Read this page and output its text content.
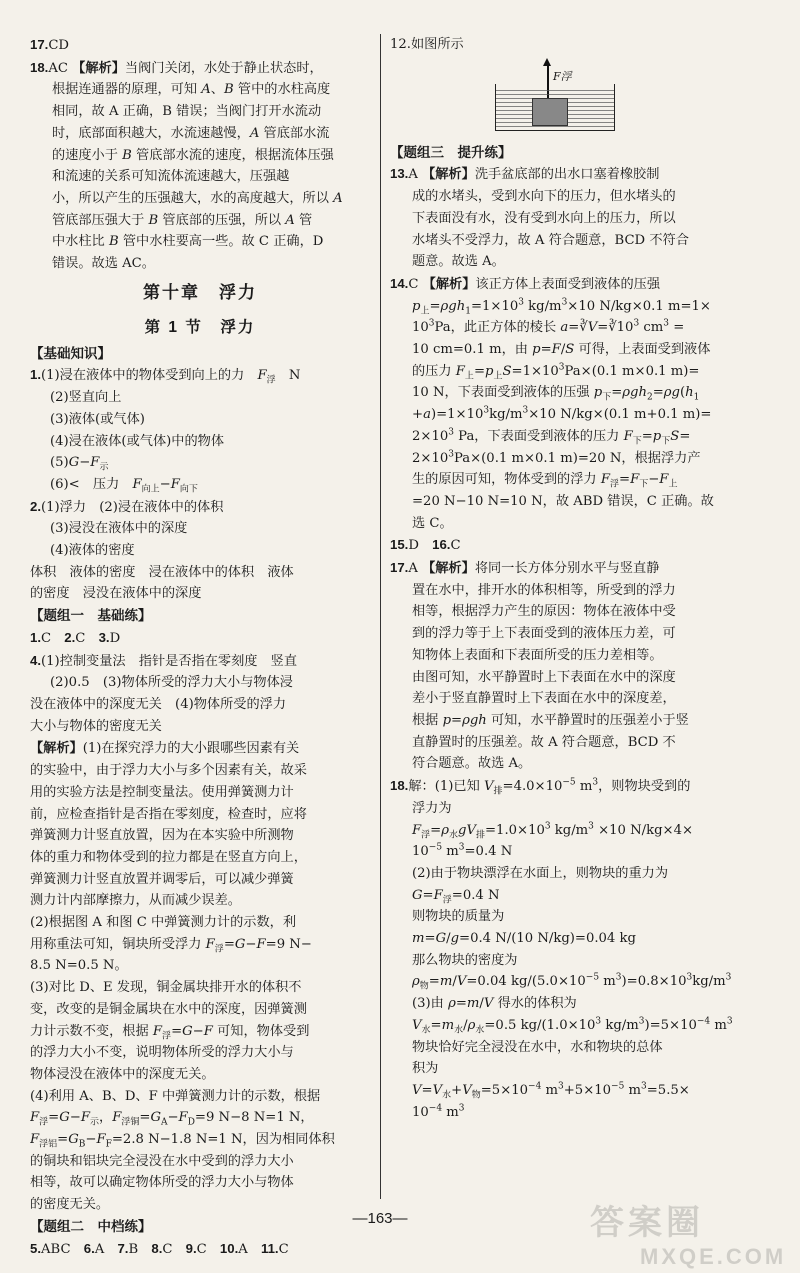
17.CD
18.AC 【解析】当阀门关闭，水处于静止状态时，
根据连通器的原理，可知 A、B 管中的水柱高度
相同，故 A 正确，B 错误；当阀门打开水流动
时，底部面积越大，水流速越慢，A 管底部水流
的速度小于 B 管底部水流的速度，根据流体压强
和流速的关系可知流体流速越大，压强越
小，所以产生的压强越大，水的高度越大，所以 A
管底部压强大于 B 管底部的压强，所以 A 管
中水柱比 B 管中水柱要高一些。故 C 正确，D
错误。故选 AC。
第十章　浮力
第 1 节　浮力
【基础知识】
1.(1)浸在液体中的物体受到向上的力　$F_浮$　N
(2)竖直向上
(3)液体(或气体)
(4)浸在液体(或气体)中的物体
$(5)G-F_示$
(6)<　压力　$F_{向上}-F_{向下}$
2.(1)浮力　(2)浸在液体中的体积
(3)浸没在液体中的深度
(4)液体的密度
体积　液体的密度　浸在液体中的体积　液体
的密度　浸没在液体中的深度
【题组一　基础练】
1.C　2.C　3.D
4.(1)控制变量法　指针是否指在零刻度　竖直
(2)0.5　(3)物体所受的浮力大小与物体浸
没在液体中的深度无关　(4)物体所受的浮力
大小与物体的密度无关
【解析】(1)在探究浮力的大小跟哪些因素有关
的实验中，由于浮力大小与多个因素有关，故采
用的实验方法是控制变量法。使用弹簧测力计
前，应检查指针是否指在零刻度，检查时，应将
弹簧测力计竖直放置，因为在本实验中所测物
体的重力和物体受到的拉力都是在竖直方向上，
弹簧测力计竖直放置并调零后，可以减少弹簧
测力计内部摩擦力，从而减少误差。
(2)根据图 A 和图 C 中弹簧测力计的示数，利
用称重法可知，铜块所受浮力 $F_浮=G-F=9$ N−
8.5 N=0.5 N。
(3)对比 D、E 发现，铜金属块排开水的体积不
变，改变的是铜金属块在水中的深度，因弹簧测
力计示数不变，根据 $F_浮=G-F$ 可知，物体受到
的浮力大小不变，说明物体所受的浮力大小与
物体浸没在液体中的深度无关。
(4)利用 A、B、D、F 中弹簧测力计的示数，根据
$F_浮=G-F_示$，$F_{浮铜}=G_A-F_D=9$ N−8 N=1 N，
$F_{浮铝}=G_B-F_F=2.8$ N−1.8 N=1 N，因为相同体积
的铜块和铝块完全浸没在水中受到的浮力大小
相等，故可以确定物体所受的浮力大小与物体
的密度无关。
【题组二　中档练】
5.ABC　6.A　7.B　8.C　9.C　10.A　11.C
12.如图所示
F浮
【题组三　提升练】
13.A 【解析】洗手盆底部的出水口塞着橡胶制
成的水堵头，受到水向下的压力，但水堵头的
下表面没有水，没有受到水向上的压力，所以
水堵头不受浮力，故 A 符合题意，BCD 不符合
题意。故选 A。
14.C 【解析】该正方体上表面受到液体的压强
$p_上=\rho gh_1=1\times 10^3$ $kg/m^3\times 10$ N/kg×0.1 m=1×
$10^3Pa$，此正方体的棱长 $a=∛V=∛10^3$ $cm^3$ =
10 cm=0.1 m，由 p=F/S 可得，上表面受到液体
的压力 $F_上=p_上S=1\times 10^3Pa\times(0.1$ m×0.1 m)=
10 N，下表面受到液体的压强 $p_下=\rho gh_2=\rho g(h_1$
$+a)=1\times 10^3kg/m^3\times 10$ N/kg×(0.1 m+0.1 m)=
$2\times 10^3$ Pa，下表面受到液体的压力 $F_下=p_下S=$
$2\times 10^3Pa\times(0.1$ m×0.1 m)=20 N，根据浮力产
生的原因可知，物体受到的浮力 $F_浮=F_下-F_上$
=20 N−10 N=10 N，故 ABD 错误，C 正确。故
选 C。
15.D　16.C
17.A 【解析】将同一长方体分别水平与竖直静
置在水中，排开水的体积相等，所受到的浮力
相等，根据浮力产生的原因：物体在液体中受
到的浮力等于上下表面受到的液体压力差，可
知物体上表面和下表面所受的压力差相等。
由图可知，水平静置时上下表面在水中的深度
差小于竖直静置时上下表面在水中的深度差，
根据 p=ρgh 可知，水平静置时的压强差小于竖
直静置时的压强差。故 A 符合题意，BCD 不
符合题意。故选 A。
18.解：(1)已知 $V_排=4.0\times 10^{-5}$ $m^3$，则物块受到的
浮力为
$F_浮=\rho_水gV_排=1.0\times 10^3$ $kg/m^3 \times 10$ N/kg×4×
$10^{-5}$ $m^3=0.4$ N
(2)由于物块漂浮在水面上，则物块的重力为
$G=F_浮=0.4$ N
则物块的质量为
m=G/g=0.4 N/(10 N/kg)=0.04 kg
那么物块的密度为
$\rho_物=m/V=0.04$ $kg/(5.0\times 10^{-5}$ $m^3)=0.8\times 10^3kg/m^3$
(3)由 ρ=m/V 得水的体积为
$V_水=m_水/\rho_水=0.5$ $kg/(1.0\times 10^3$ $kg/m^3)=5\times 10^{-4}$ $m^3$
物块恰好完全浸没在水中，水和物块的总体
积为
$V=V_水+V_物=5\times 10^{-4}$ $m^3+5\times 10^{-5}$ $m^3=5.5\times$
$10^{-4}$ $m^3$
—163—	答案圈
MXQE.COM
